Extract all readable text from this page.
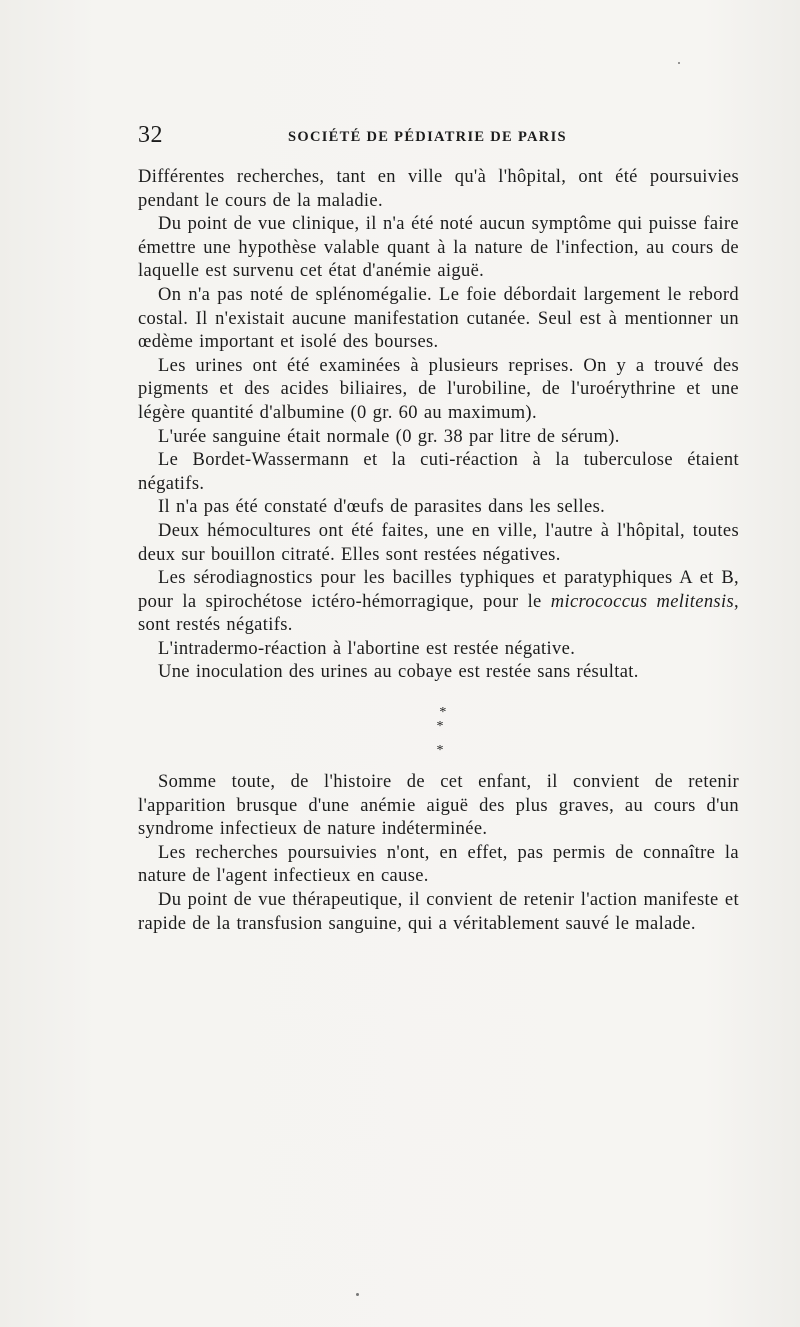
32	SOCIÉTÉ DE PÉDIATRIE DE PARIS

Différentes recherches, tant en ville qu'à l'hôpital, ont été poursuivies pendant le cours de la maladie.

Du point de vue clinique, il n'a été noté aucun symptôme qui puisse faire émettre une hypothèse valable quant à la nature de l'infection, au cours de laquelle est survenu cet état d'anémie aiguë.

On n'a pas noté de splénomégalie. Le foie débordait largement le rebord costal. Il n'existait aucune manifestation cutanée. Seul est à mentionner un œdème important et isolé des bourses.

Les urines ont été examinées à plusieurs reprises. On y a trouvé des pigments et des acides biliaires, de l'urobiline, de l'uroérythrine et une légère quantité d'albumine (0 gr. 60 au maximum).

L'urée sanguine était normale (0 gr. 38 par litre de sérum).

Le Bordet-Wassermann et la cuti-réaction à la tuberculose étaient négatifs.

Il n'a pas été constaté d'œufs de parasites dans les selles.

Deux hémocultures ont été faites, une en ville, l'autre à l'hôpital, toutes deux sur bouillon citraté. Elles sont restées négatives.

Les sérodiagnostics pour les bacilles typhiques et paratyphiques A et B, pour la spirochétose ictéro-hémorragique, pour le micrococcus melitensis, sont restés négatifs.

L'intradermo-réaction à l'abortine est restée négative.

Une inoculation des urines au cobaye est restée sans résultat.

*
* *

Somme toute, de l'histoire de cet enfant, il convient de retenir l'apparition brusque d'une anémie aiguë des plus graves, au cours d'un syndrome infectieux de nature indéterminée.

Les recherches poursuivies n'ont, en effet, pas permis de connaître la nature de l'agent infectieux en cause.

Du point de vue thérapeutique, il convient de retenir l'action manifeste et rapide de la transfusion sanguine, qui a véritablement sauvé le malade.
